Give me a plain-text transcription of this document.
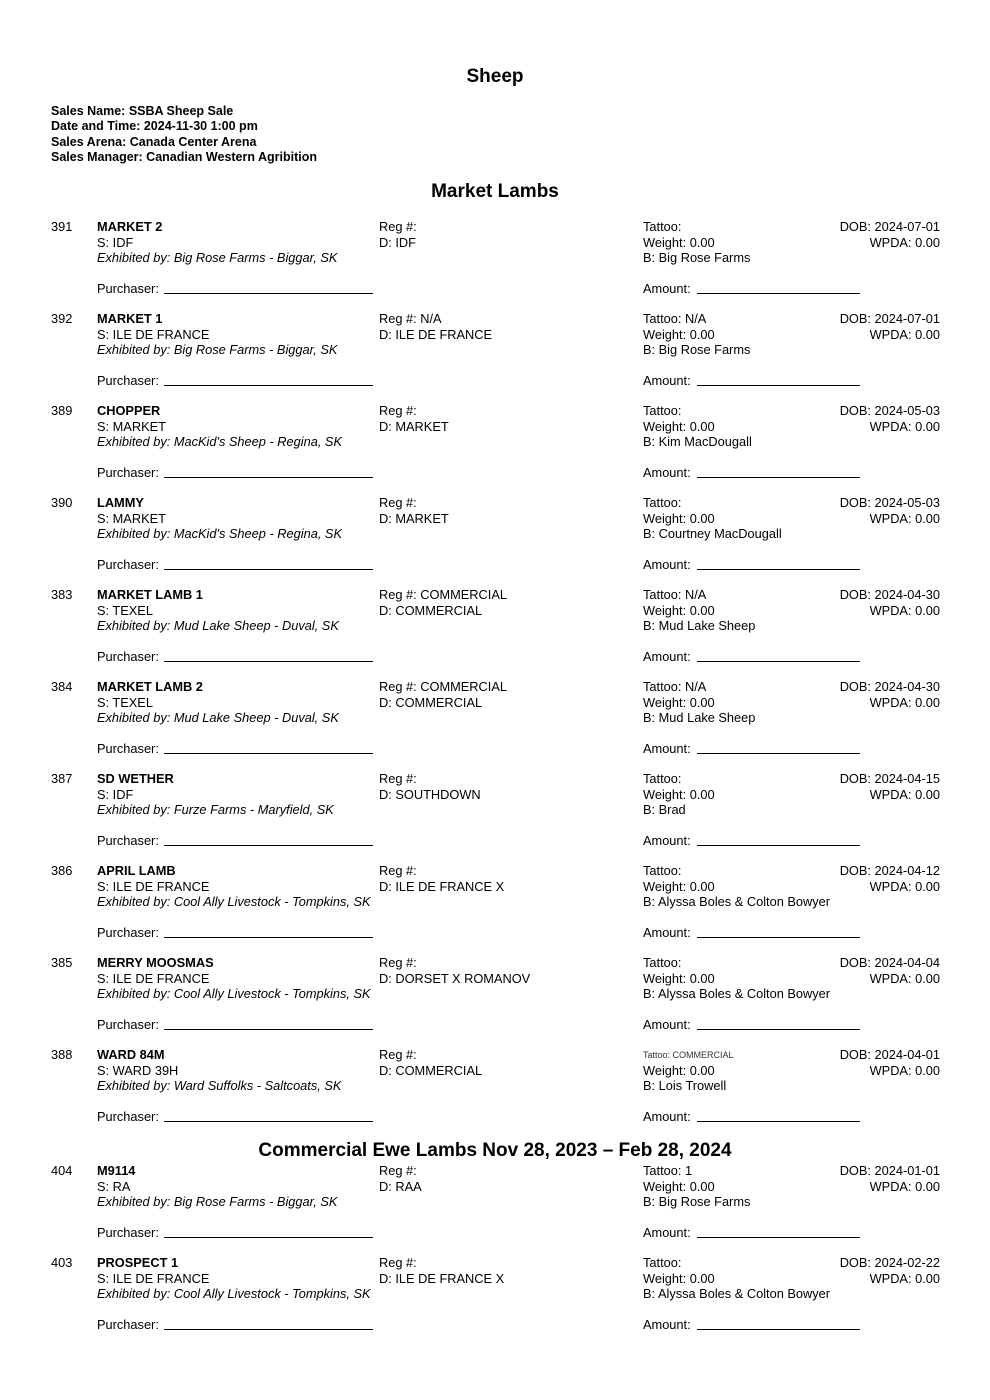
Sheep
Sales Name: SSBA Sheep Sale
Date and Time: 2024-11-30 1:00 pm
Sales Arena: Canada Center Arena
Sales Manager: Canadian Western Agribition
Market Lambs
391 MARKET 2
S: IDF
Exhibited by: Big Rose Farms - Biggar, SK
Reg #:
D: IDF
Tattoo:
Weight: 0.00
B: Big Rose Farms
DOB: 2024-07-01
WPDA: 0.00
Purchaser:	Amount:
392 MARKET 1
S: ILE DE FRANCE
Exhibited by: Big Rose Farms - Biggar, SK
Reg #: N/A
D: ILE DE FRANCE
Tattoo: N/A
Weight: 0.00
B: Big Rose Farms
DOB: 2024-07-01
WPDA: 0.00
Purchaser:	Amount:
389 CHOPPER
S: MARKET
Exhibited by: MacKid's Sheep - Regina, SK
Reg #:
D: MARKET
Tattoo:
Weight: 0.00
B: Kim MacDougall
DOB: 2024-05-03
WPDA: 0.00
Purchaser:	Amount:
390 LAMMY
S: MARKET
Exhibited by: MacKid's Sheep - Regina, SK
Reg #:
D: MARKET
Tattoo:
Weight: 0.00
B: Courtney MacDougall
DOB: 2024-05-03
WPDA: 0.00
Purchaser:	Amount:
383 MARKET LAMB 1
S: TEXEL
Exhibited by: Mud Lake Sheep - Duval, SK
Reg #: COMMERCIAL
D: COMMERCIAL
Tattoo: N/A
Weight: 0.00
B: Mud Lake Sheep
DOB: 2024-04-30
WPDA: 0.00
Purchaser:	Amount:
384 MARKET LAMB 2
S: TEXEL
Exhibited by: Mud Lake Sheep - Duval, SK
Reg #: COMMERCIAL
D: COMMERCIAL
Tattoo: N/A
Weight: 0.00
B: Mud Lake Sheep
DOB: 2024-04-30
WPDA: 0.00
Purchaser:	Amount:
387 SD WETHER
S: IDF
Exhibited by: Furze Farms - Maryfield, SK
Reg #:
D: SOUTHDOWN
Tattoo:
Weight: 0.00
B: Brad
DOB: 2024-04-15
WPDA: 0.00
Purchaser:	Amount:
386 APRIL LAMB
S: ILE DE FRANCE
Exhibited by: Cool Ally Livestock - Tompkins, SK
Reg #:
D: ILE DE FRANCE X
Tattoo:
Weight: 0.00
B: Alyssa Boles & Colton Bowyer
DOB: 2024-04-12
WPDA: 0.00
Purchaser:	Amount:
385 MERRY MOOSMAS
S: ILE DE FRANCE
Exhibited by: Cool Ally Livestock - Tompkins, SK
Reg #:
D: DORSET X ROMANOV
Tattoo:
Weight: 0.00
B: Alyssa Boles & Colton Bowyer
DOB: 2024-04-04
WPDA: 0.00
Purchaser:	Amount:
388 WARD 84M
S: WARD 39H
Exhibited by: Ward Suffolks - Saltcoats, SK
Reg #:
D: COMMERCIAL
Tattoo: COMMERCIAL
Weight: 0.00
B: Lois Trowell
DOB: 2024-04-01
WPDA: 0.00
Purchaser:	Amount:
Commercial Ewe Lambs Nov 28, 2023 – Feb 28, 2024
404 M9114
S: RA
Exhibited by: Big Rose Farms - Biggar, SK
Reg #:
D: RAA
Tattoo: 1
Weight: 0.00
B: Big Rose Farms
DOB: 2024-01-01
WPDA: 0.00
Purchaser:	Amount:
403 PROSPECT 1
S: ILE DE FRANCE
Exhibited by: Cool Ally Livestock - Tompkins, SK
Reg #:
D: ILE DE FRANCE X
Tattoo:
Weight: 0.00
B: Alyssa Boles & Colton Bowyer
DOB: 2024-02-22
WPDA: 0.00
Purchaser:	Amount:
